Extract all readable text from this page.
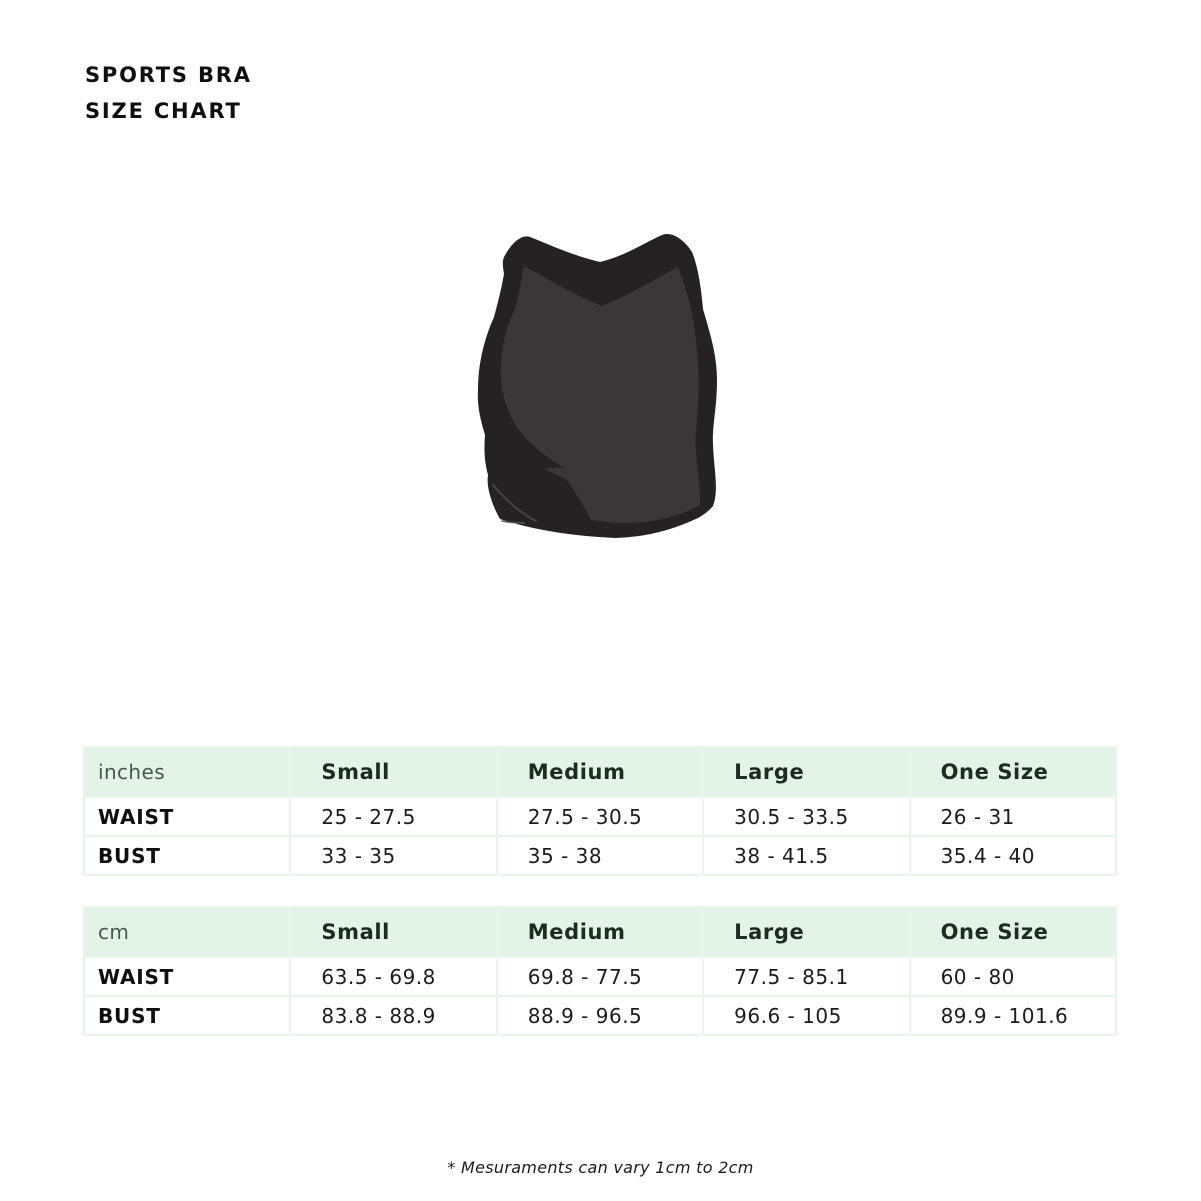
SPORTS BRA
SIZE CHART
inches	Small	Medium	Large	One Size
WAIST	25 - 27.5	27.5 - 30.5	30.5 - 33.5	26 - 31
BUST	33 - 35	35 - 38	38 - 41.5	35.4 - 40
cm	Small	Medium	Large	One Size
WAIST	63.5 - 69.8	69.8 - 77.5	77.5 - 85.1	60 - 80
BUST	83.8 - 88.9	88.9 - 96.5	96.6 - 105	89.9 - 101.6
* Mesuraments can vary 1cm to 2cm
